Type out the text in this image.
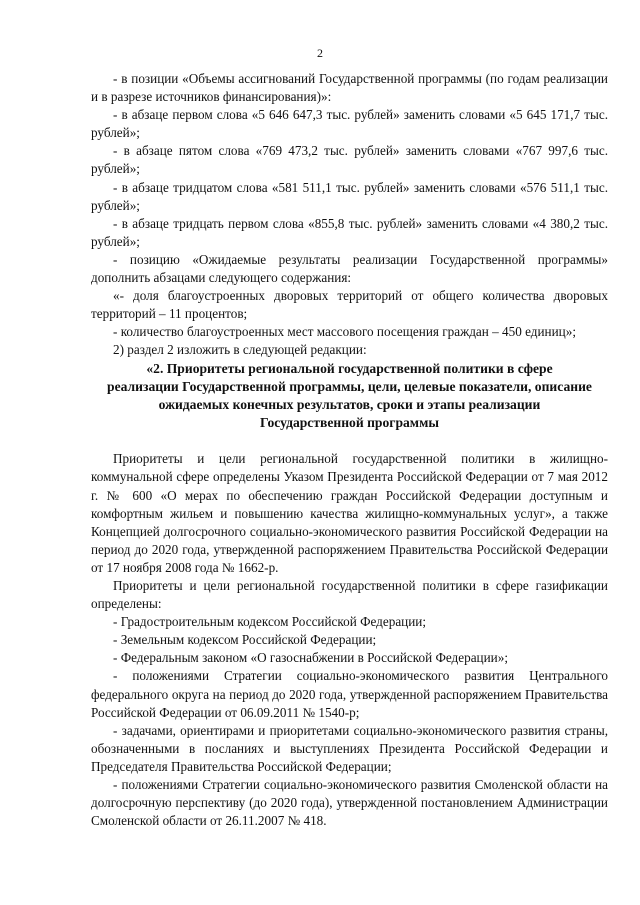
2

- в позиции «Объемы ассигнований Государственной программы (по годам реализации и в разрезе источников финансирования)»:

- в абзаце первом слова «5 646 647,3 тыс. рублей» заменить словами «5 645 171,7 тыс. рублей»;

- в абзаце пятом слова «769 473,2 тыс. рублей» заменить словами «767 997,6 тыс. рублей»;

- в абзаце тридцатом слова «581 511,1 тыс. рублей» заменить словами «576 511,1 тыс. рублей»;

- в абзаце тридцать первом слова «855,8 тыс. рублей» заменить словами «4 380,2 тыс. рублей»;

- позицию «Ожидаемые результаты реализации Государственной программы» дополнить абзацами следующего содержания:

«- доля благоустроенных дворовых территорий от общего количества дворовых территорий – 11 процентов;

- количество благоустроенных мест массового посещения граждан – 450 единиц»;

2) раздел 2 изложить в следующей редакции:

«2. Приоритеты региональной государственной политики в сфере
реализации Государственной программы, цели, целевые показатели, описание
ожидаемых конечных результатов, сроки и этапы реализации
Государственной программы

Приоритеты и цели региональной государственной политики в жилищно-коммунальной сфере определены Указом Президента Российской Федерации от 7 мая 2012 г. № 600 «О мерах по обеспечению граждан Российской Федерации доступным и комфортным жильем и повышению качества жилищно-коммунальных услуг», а также Концепцией долгосрочного социально-экономического развития Российской Федерации на период до 2020 года, утвержденной распоряжением Правительства Российской Федерации от 17 ноября 2008 года № 1662-р.

Приоритеты и цели региональной государственной политики в сфере газификации определены:

- Градостроительным кодексом Российской Федерации;

- Земельным кодексом Российской Федерации;

- Федеральным законом «О газоснабжении в Российской Федерации»;

- положениями Стратегии социально-экономического развития Центрального федерального округа на период до 2020 года, утвержденной распоряжением Правительства Российской Федерации от 06.09.2011 № 1540-р;

- задачами, ориентирами и приоритетами социально-экономического развития страны, обозначенными в посланиях и выступлениях Президента Российской Федерации и Председателя Правительства Российской Федерации;

- положениями Стратегии социально-экономического развития Смоленской области на долгосрочную перспективу (до 2020 года), утвержденной постановлением Администрации Смоленской области от 26.11.2007 № 418.
